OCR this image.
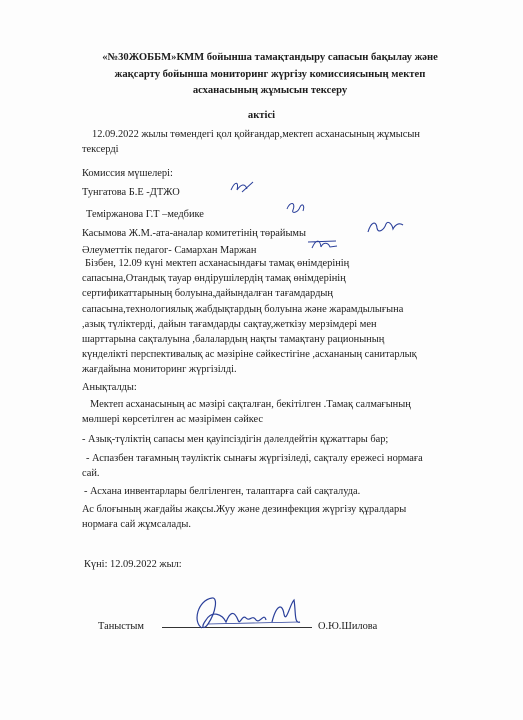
«№30ЖОББМ»КММ бойынша тамақтандыру сапасын бақылау және
жақсарту бойынша мониторинг жүргізу комиссиясының мектеп
асханасының жұмысын тексеру
актісі
12.09.2022 жылы төмендегі қол қойғандар,мектеп асханасының жұмысын
тексерді
Комиссия мүшелері:
Тунгатова Б.Е -ДТЖО
Теміржанова Г.Т –медбике
Касымова Ж.М.-ата-аналар комитетінің төрайымы
Әлеуметтік педагог- Самархан Маржан
Бізбен, 12.09 күні мектеп асханасындағы тамақ өнімдерінің
сапасына,Отандық тауар өндірушілердің тамақ өнімдерінің
сертификаттарының болуына,дайындалған тағамдардың
сапасына,технологиялық жабдықтардың болуына және жарамдылығына
,азық түліктерді, дайын тағамдарды сақтау,жеткізу мерзімдері мен
шарттарына сақталуына ,балалардың нақты тамақтану рационының
күнделікті перспективалық ас мәзіріне сәйкестігіне ,асхананың санитарлық
жағдайына мониторинг жүргізілді.
Анықталды:
Мектеп асханасының ас мәзірі сақталған, бекітілген .Тамақ салмағының
мөлшері көрсетілген ас мәзірімен сәйкес
- Азық-түліктің сапасы мен қауіпсіздігін дәлелдейтін құжаттары бар;
- Аспазбен тағамның тәуліктік сынағы жүргізіледі, сақталу ережесі нормаға
сай.
- Асхана инвентарлары белгіленген, талаптарға сай сақталуда.
Ас блоғының жағдайы жақсы.Жуу және дезинфекция жүргізу құралдары
нормаға сай жұмсалады.
Күні: 12.09.2022 жыл:
Таныстым	О.Ю.Шилова
